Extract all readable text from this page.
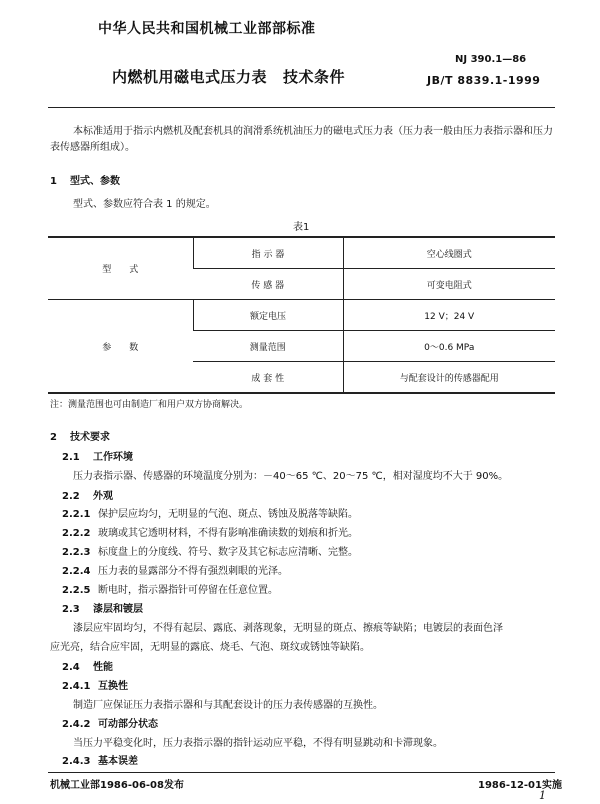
中华人民共和国机械工业部部标准
内燃机用磁电式压力表 技术条件
NJ 390.1—86
JB/T 8839.1-1999
本标准适用于指示内燃机及配套机具的润滑系统机油压力的磁电式压力表（压力表一般由压力表指示器和压力表传感器所组成）。
1 型式、参数
型式、参数应符合表 1 的规定。
表1
型　　式	指 示 器	空心线圈式
	传 感 器	可变电阻式
参　　数	额定电压	12 V；24 V
	测量范围	0～0.6 MPa
	成 套 性	与配套设计的传感器配用
注：测量范围也可由制造厂和用户双方协商解决。
2 技术要求
2.1 工作环境
压力表指示器、传感器的环境温度分别为：－40～65 ℃、20～75 ℃，相对湿度均不大于 90%。
2.2 外观
2.2.1 保护层应均匀，无明显的气泡、斑点、锈蚀及脱落等缺陷。
2.2.2 玻璃或其它透明材料，不得有影响准确读数的划痕和折光。
2.2.3 标度盘上的分度线、符号、数字及其它标志应清晰、完整。
2.2.4 压力表的显露部分不得有强烈刺眼的光泽。
2.2.5 断电时，指示器指针可停留在任意位置。
2.3 漆层和镀层
漆层应牢固均匀，不得有起层、露底、剥落现象，无明显的斑点、擦痕等缺陷；电镀层的表面色泽
应光亮，结合应牢固，无明显的露底、烧毛、气泡、斑纹或锈蚀等缺陷。
2.4 性能
2.4.1 互换性
制造厂应保证压力表指示器和与其配套设计的压力表传感器的互换性。
2.4.2 可动部分状态
当压力平稳变化时，压力表指示器的指针运动应平稳，不得有明显跳动和卡滞现象。
2.4.3 基本误差
机械工业部1986-06-08发布	1986-12-01实施
1
